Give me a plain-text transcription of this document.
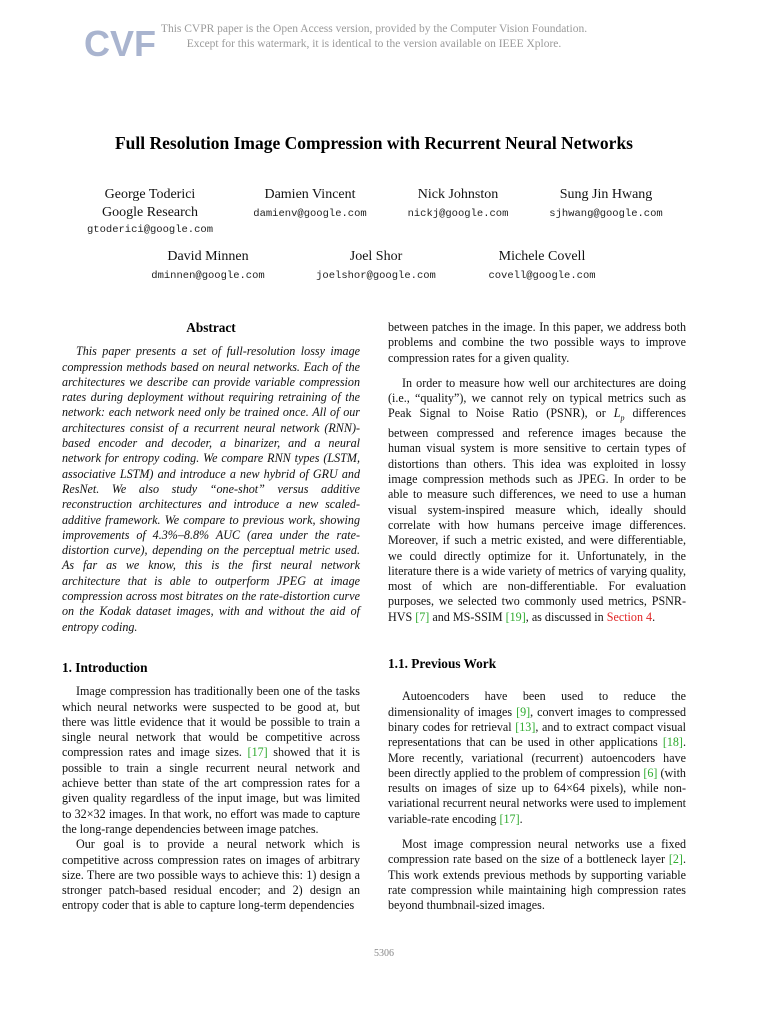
CVF This CVPR paper is the Open Access version, provided by the Computer Vision Foundation.
Except for this watermark, it is identical to the version available on IEEE Xplore.
Full Resolution Image Compression with Recurrent Neural Networks
George Toderici
Google Research
gtoderici@google.com
Damien Vincent
damienv@google.com
Nick Johnston
nickj@google.com
Sung Jin Hwang
sjhwang@google.com
David Minnen
dminnen@google.com
Joel Shor
joelshor@google.com
Michele Covell
covell@google.com
Abstract

This paper presents a set of full-resolution lossy image compression methods based on neural networks. Each of the architectures we describe can provide variable compression rates during deployment without requiring retraining of the network: each network need only be trained once. All of our architectures consist of a recurrent neural network (RNN)-based encoder and decoder, a binarizer, and a neural network for entropy coding. We compare RNN types (LSTM, associative LSTM) and introduce a new hybrid of GRU and ResNet. We also study “one-shot” versus additive reconstruction architectures and introduce a new scaled-additive framework. We compare to previous work, showing improvements of 4.3%–8.8% AUC (area under the rate-distortion curve), depending on the perceptual metric used. As far as we know, this is the first neural network architecture that is able to outperform JPEG at image compression across most bitrates on the rate-distortion curve on the Kodak dataset images, with and without the aid of entropy coding.

1. Introduction

Image compression has traditionally been one of the tasks which neural networks were suspected to be good at, but there was little evidence that it would be possible to train a single neural network that would be competitive across compression rates and image sizes. [17] showed that it is possible to train a single recurrent neural network and achieve better than state of the art compression rates for a given quality regardless of the input image, but was limited to 32×32 images. In that work, no effort was made to capture the long-range dependencies between image patches.

Our goal is to provide a neural network which is competitive across compression rates on images of arbitrary size. There are two possible ways to achieve this: 1) design a stronger patch-based residual encoder; and 2) design an entropy coder that is able to capture long-term dependencies

between patches in the image. In this paper, we address both problems and combine the two possible ways to improve compression rates for a given quality.

In order to measure how well our architectures are doing (i.e., “quality”), we cannot rely on typical metrics such as Peak Signal to Noise Ratio (PSNR), or $L_p$ differences between compressed and reference images because the human visual system is more sensitive to certain types of distortions than others. This idea was exploited in lossy image compression methods such as JPEG. In order to be able to measure such differences, we need to use a human visual system-inspired measure which, ideally should correlate with how humans perceive image differences. Moreover, if such a metric existed, and were differentiable, we could directly optimize for it. Unfortunately, in the literature there is a wide variety of metrics of varying quality, most of which are non-differentiable. For evaluation purposes, we selected two commonly used metrics, PSNR-HVS [7] and MS-SSIM [19], as discussed in Section 4.

1.1. Previous Work

Autoencoders have been used to reduce the dimensionality of images [9], convert images to compressed binary codes for retrieval [13], and to extract compact visual representations that can be used in other applications [18]. More recently, variational (recurrent) autoencoders have been directly applied to the problem of compression [6] (with results on images of size up to 64×64 pixels), while non-variational recurrent neural networks were used to implement variable-rate encoding [17].

Most image compression neural networks use a fixed compression rate based on the size of a bottleneck layer [2]. This work extends previous methods by supporting variable rate compression while maintaining high compression rates beyond thumbnail-sized images.

5306
